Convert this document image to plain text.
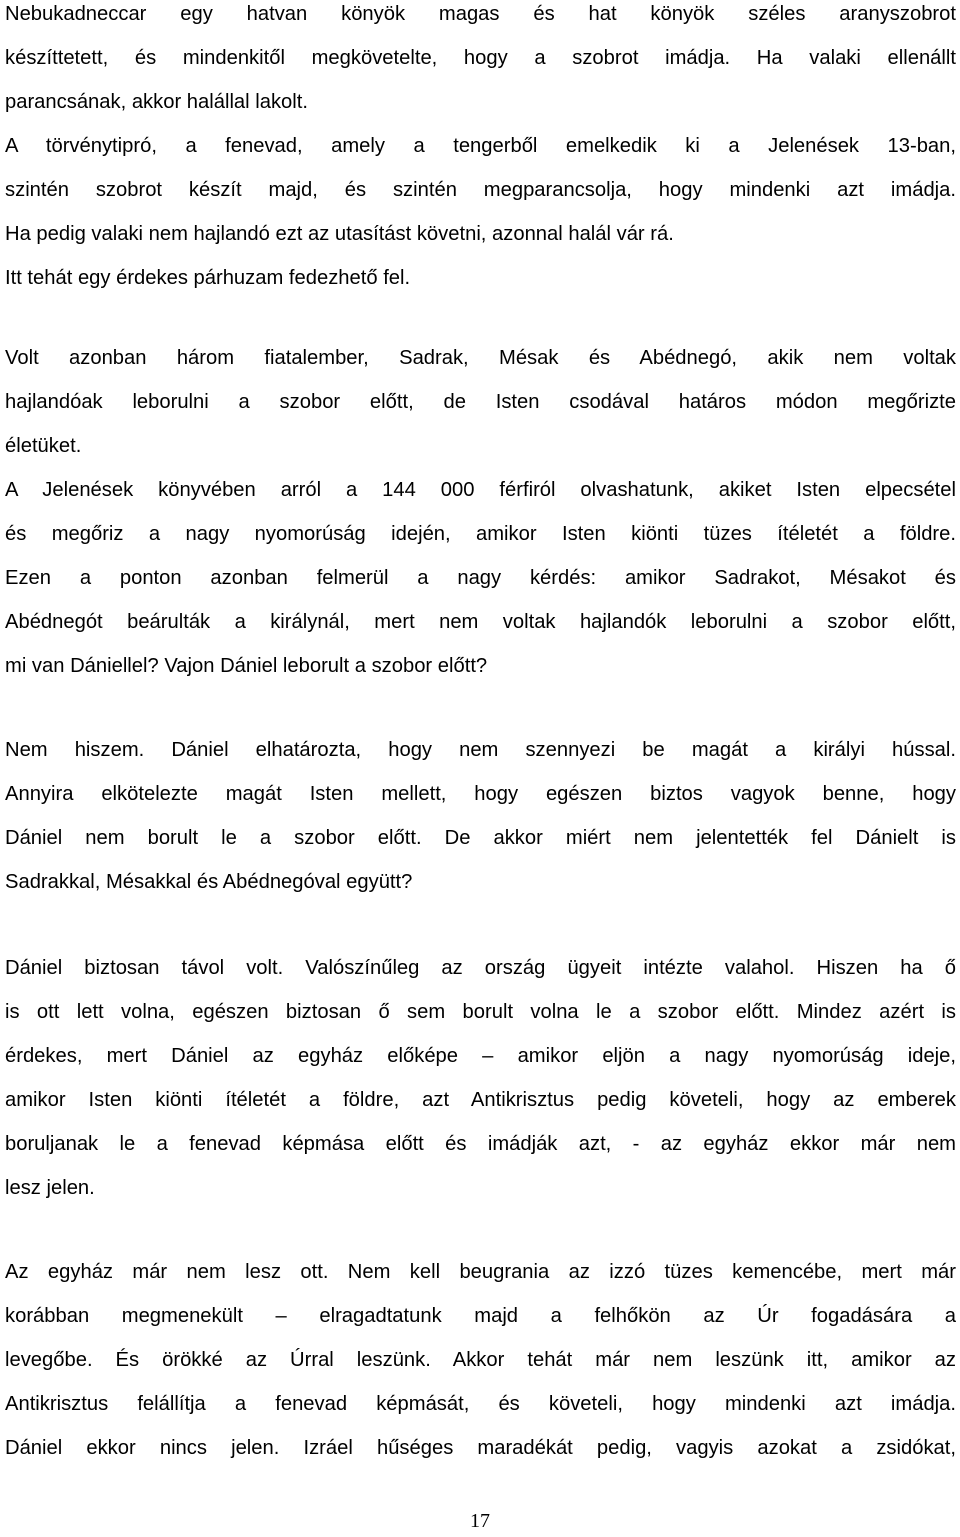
Nebukadneccar egy hatvan könyök magas és hat könyök széles aranyszobrot
készíttetett, és mindenkitől megkövetelte, hogy a szobrot imádja. Ha valaki ellenállt
parancsának, akkor halállal lakolt.
A törvénytipró, a fenevad, amely a tengerből emelkedik ki a Jelenések 13-ban,
szintén szobrot készít majd, és szintén megparancsolja, hogy mindenki azt imádja.
Ha pedig valaki nem hajlandó ezt az utasítást követni, azonnal halál vár rá.
Itt tehát egy érdekes párhuzam fedezhető fel.
Volt azonban három fiatalember, Sadrak, Mésak és Abédnegó, akik nem voltak
hajlandóak leborulni a szobor előtt, de Isten csodával határos módon megőrizte
életüket.
A Jelenések könyvében arról a 144 000 férfiról olvashatunk, akiket Isten elpecsétel
és megőriz a nagy nyomorúság idején, amikor Isten kiönti tüzes ítéletét a földre.
Ezen a ponton azonban felmerül a nagy kérdés: amikor Sadrakot, Mésakot és
Abédnegót beárulták a királynál, mert nem voltak hajlandók leborulni a szobor előtt,
mi van Dániellel? Vajon Dániel leborult a szobor előtt?
Nem hiszem. Dániel elhatározta, hogy nem szennyezi be magát a királyi hússal.
Annyira elkötelezte magát Isten mellett, hogy egészen biztos vagyok benne, hogy
Dániel nem borult le a szobor előtt. De akkor miért nem jelentették fel Dánielt is
Sadrakkal, Mésakkal és Abédnegóval együtt?
Dániel biztosan távol volt. Valószínűleg az ország ügyeit intézte valahol. Hiszen ha ő
is ott lett volna, egészen biztosan ő sem borult volna le a szobor előtt. Mindez azért is
érdekes, mert Dániel az egyház előképe – amikor eljön a nagy nyomorúság ideje,
amikor Isten kiönti ítéletét a földre, azt Antikrisztus pedig követeli, hogy az emberek
boruljanak le a fenevad képmása előtt és imádják azt, - az egyház ekkor már nem
lesz jelen.
Az egyház már nem lesz ott. Nem kell beugrania az izzó tüzes kemencébe, mert már
korábban megmenekült – elragadtatunk majd a felhőkön az Úr fogadására a
levegőbe. És örökké az Úrral leszünk. Akkor tehát már nem leszünk itt, amikor az
Antikrisztus felállítja a fenevad képmását, és követeli, hogy mindenki azt imádja.
Dániel ekkor nincs jelen. Izráel hűséges maradékát pedig, vagyis azokat a zsidókat,
17
